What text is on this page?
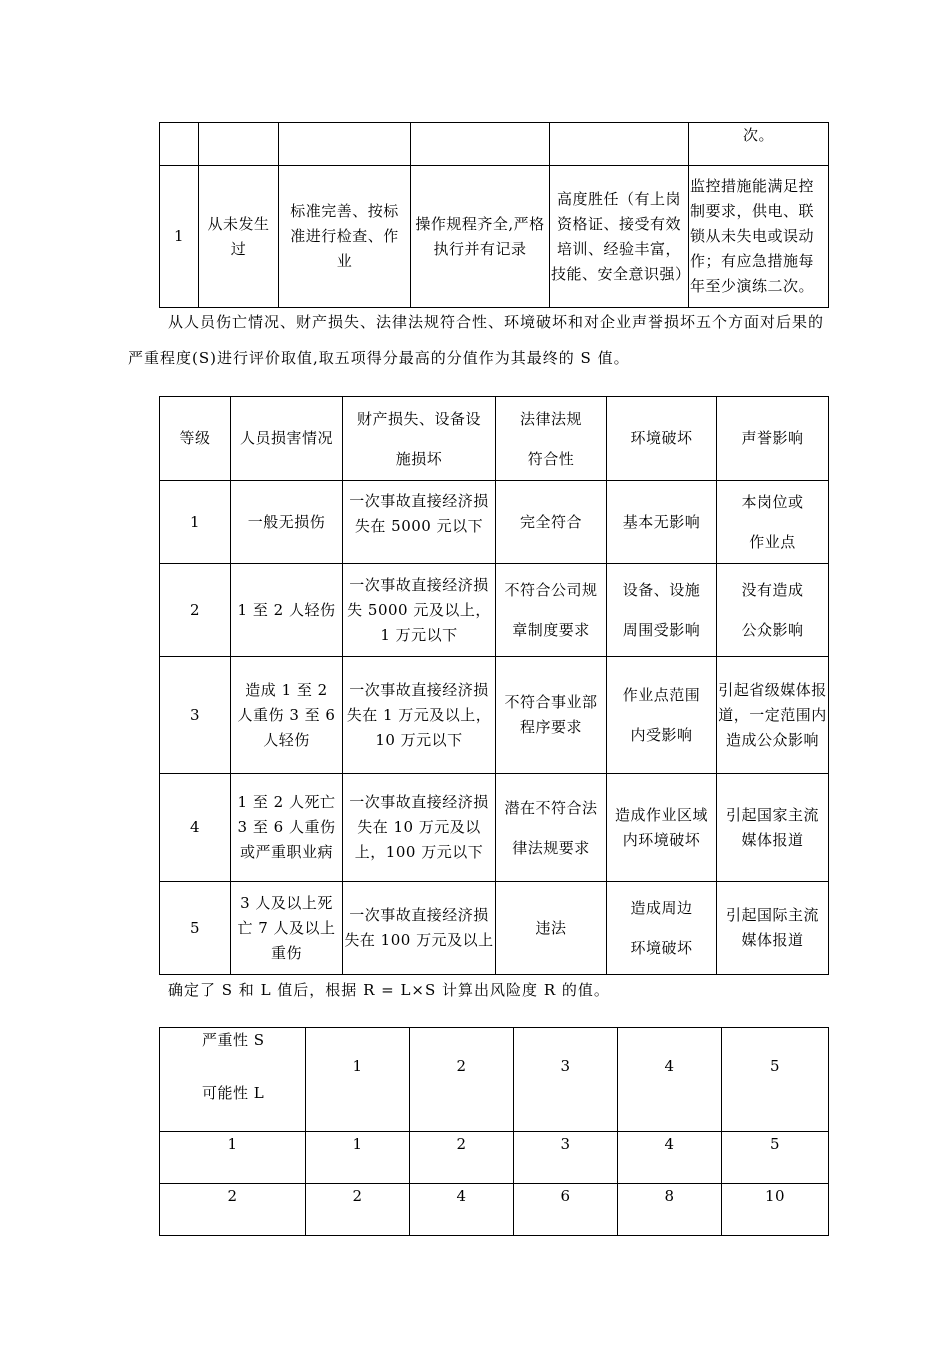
					次。
1	从未发生过	标准完善、按标准进行检查、作业	操作规程齐全,严格执行并有记录	高度胜任（有上岗资格证、接受有效培训、经验丰富，技能、安全意识强）	监控措施能满足控制要求，供电、联锁从未失电或误动作；有应急措施每年至少演练二次。

从人员伤亡情况、财产损失、法律法规符合性、环境破坏和对企业声誉损坏五个方面对后果的

严重程度(S)进行评价取值,取五项得分最高的分值作为其最终的 S 值。

等级	人员损害情况	财产损失、设备设施损坏	法律法规符合性	环境破坏	声誉影响
1	一般无损伤	一次事故直接经济损失在 5000 元以下	完全符合	基本无影响	本岗位或作业点
2	1 至 2 人轻伤	一次事故直接经济损失 5000 元及以上，1 万元以下	不符合公司规章制度要求	设备、设施周围受影响	没有造成公众影响
3	造成 1 至 2 人重伤 3 至 6 人轻伤	一次事故直接经济损失在 1 万元及以上，10 万元以下	不符合事业部程序要求	作业点范围内受影响	引起省级媒体报道，一定范围内造成公众影响
4	1 至 2 人死亡 3 至 6 人重伤或严重职业病	一次事故直接经济损失在 10 万元及以上，100 万元以下	潜在不符合法律法规要求	造成作业区域内环境破坏	引起国家主流媒体报道
5	3 人及以上死亡 7 人及以上重伤	一次事故直接经济损失在 100 万元及以上	违法	造成周边环境破坏	引起国际主流媒体报道

确定了 S 和 L 值后，根据 R = L×S 计算出风险度 R 的值。

严重性 S
可能性 L	1	2	3	4	5
1	1	2	3	4	5
2	2	4	6	8	10
